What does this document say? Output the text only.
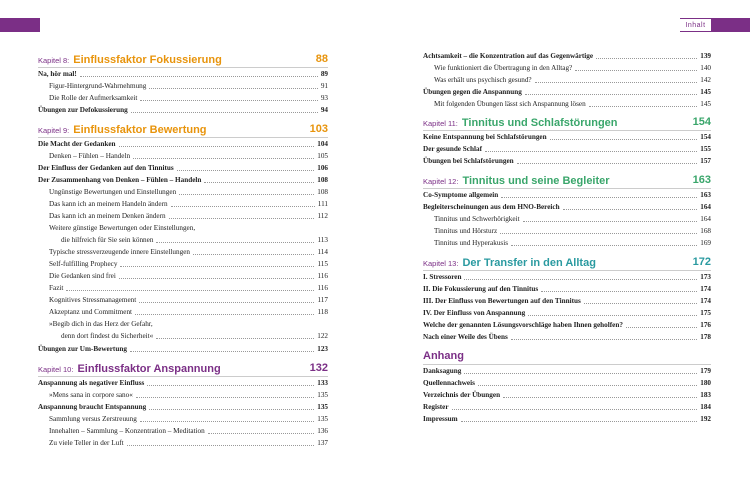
Inhalt
Kapitel 8: Einflussfaktor Fokussierung	88
Na, hör mal!	89
Figur-Hintergrund-Wahrnehmung	91
Die Rolle der Aufmerksamkeit	93
Übungen zur Defokussierung	94
Kapitel 9: Einflussfaktor Bewertung	103
Die Macht der Gedanken	104
Denken – Fühlen – Handeln	105
Der Einfluss der Gedanken auf den Tinnitus	106
Der Zusammenhang von Denken – Fühlen – Handeln	108
Ungünstige Bewertungen und Einstellungen	108
Das kann ich an meinem Handeln ändern	111
Das kann ich an meinem Denken ändern	112
Weitere günstige Bewertungen oder Einstellungen,
die hilfreich für Sie sein können	113
Typische stressverzeugende innere Einstellungen	114
Self-fulfilling Prophecy	115
Die Gedanken sind frei	116
Fazit	116
Kognitives Stressmanagement	117
Akzeptanz und Commitment	118
»Begib dich in das Herz der Gefahr,
denn dort findest du Sicherheit«	122
Übungen zur Um-Bewertung	123
Kapitel 10: Einflussfaktor Anspannung	132
Anspannung als negativer Einfluss	133
»Mens sana in corpore sano«	135
Anspannung braucht Entspannung	135
Sammlung versus Zerstreuung	135
Innehalten – Sammlung – Konzentration – Meditation	136
Zu viele Teller in der Luft	137
Achtsamkeit – die Konzentration auf das Gegenwärtige	139
Wie funktioniert die Übertragung in den Alltag?	140
Was erhält uns psychisch gesund?	142
Übungen gegen die Anspannung	145
Mit folgenden Übungen lässt sich Anspannung lösen	145
Kapitel 11: Tinnitus und Schlafstörungen	154
Keine Entspannung bei Schlafstörungen	154
Der gesunde Schlaf	155
Übungen bei Schlafstörungen	157
Kapitel 12: Tinnitus und seine Begleiter	163
Co-Symptome allgemein	163
Begleiterscheinungen aus dem HNO-Bereich	164
Tinnitus und Schwerhörigkeit	164
Tinnitus und Hörsturz	168
Tinnitus und Hyperakusis	169
Kapitel 13: Der Transfer in den Alltag	172
I. Stressoren	173
II. Die Fokussierung auf den Tinnitus	174
III. Der Einfluss von Bewertungen auf den Tinnitus	174
IV. Der Einfluss von Anspannung	175
Welche der genannten Lösungsvorschläge haben Ihnen geholfen?	176
Nach einer Weile des Übens	178
Anhang
Danksagung	179
Quellennachweis	180
Verzeichnis der Übungen	183
Register	184
Impressum	192
